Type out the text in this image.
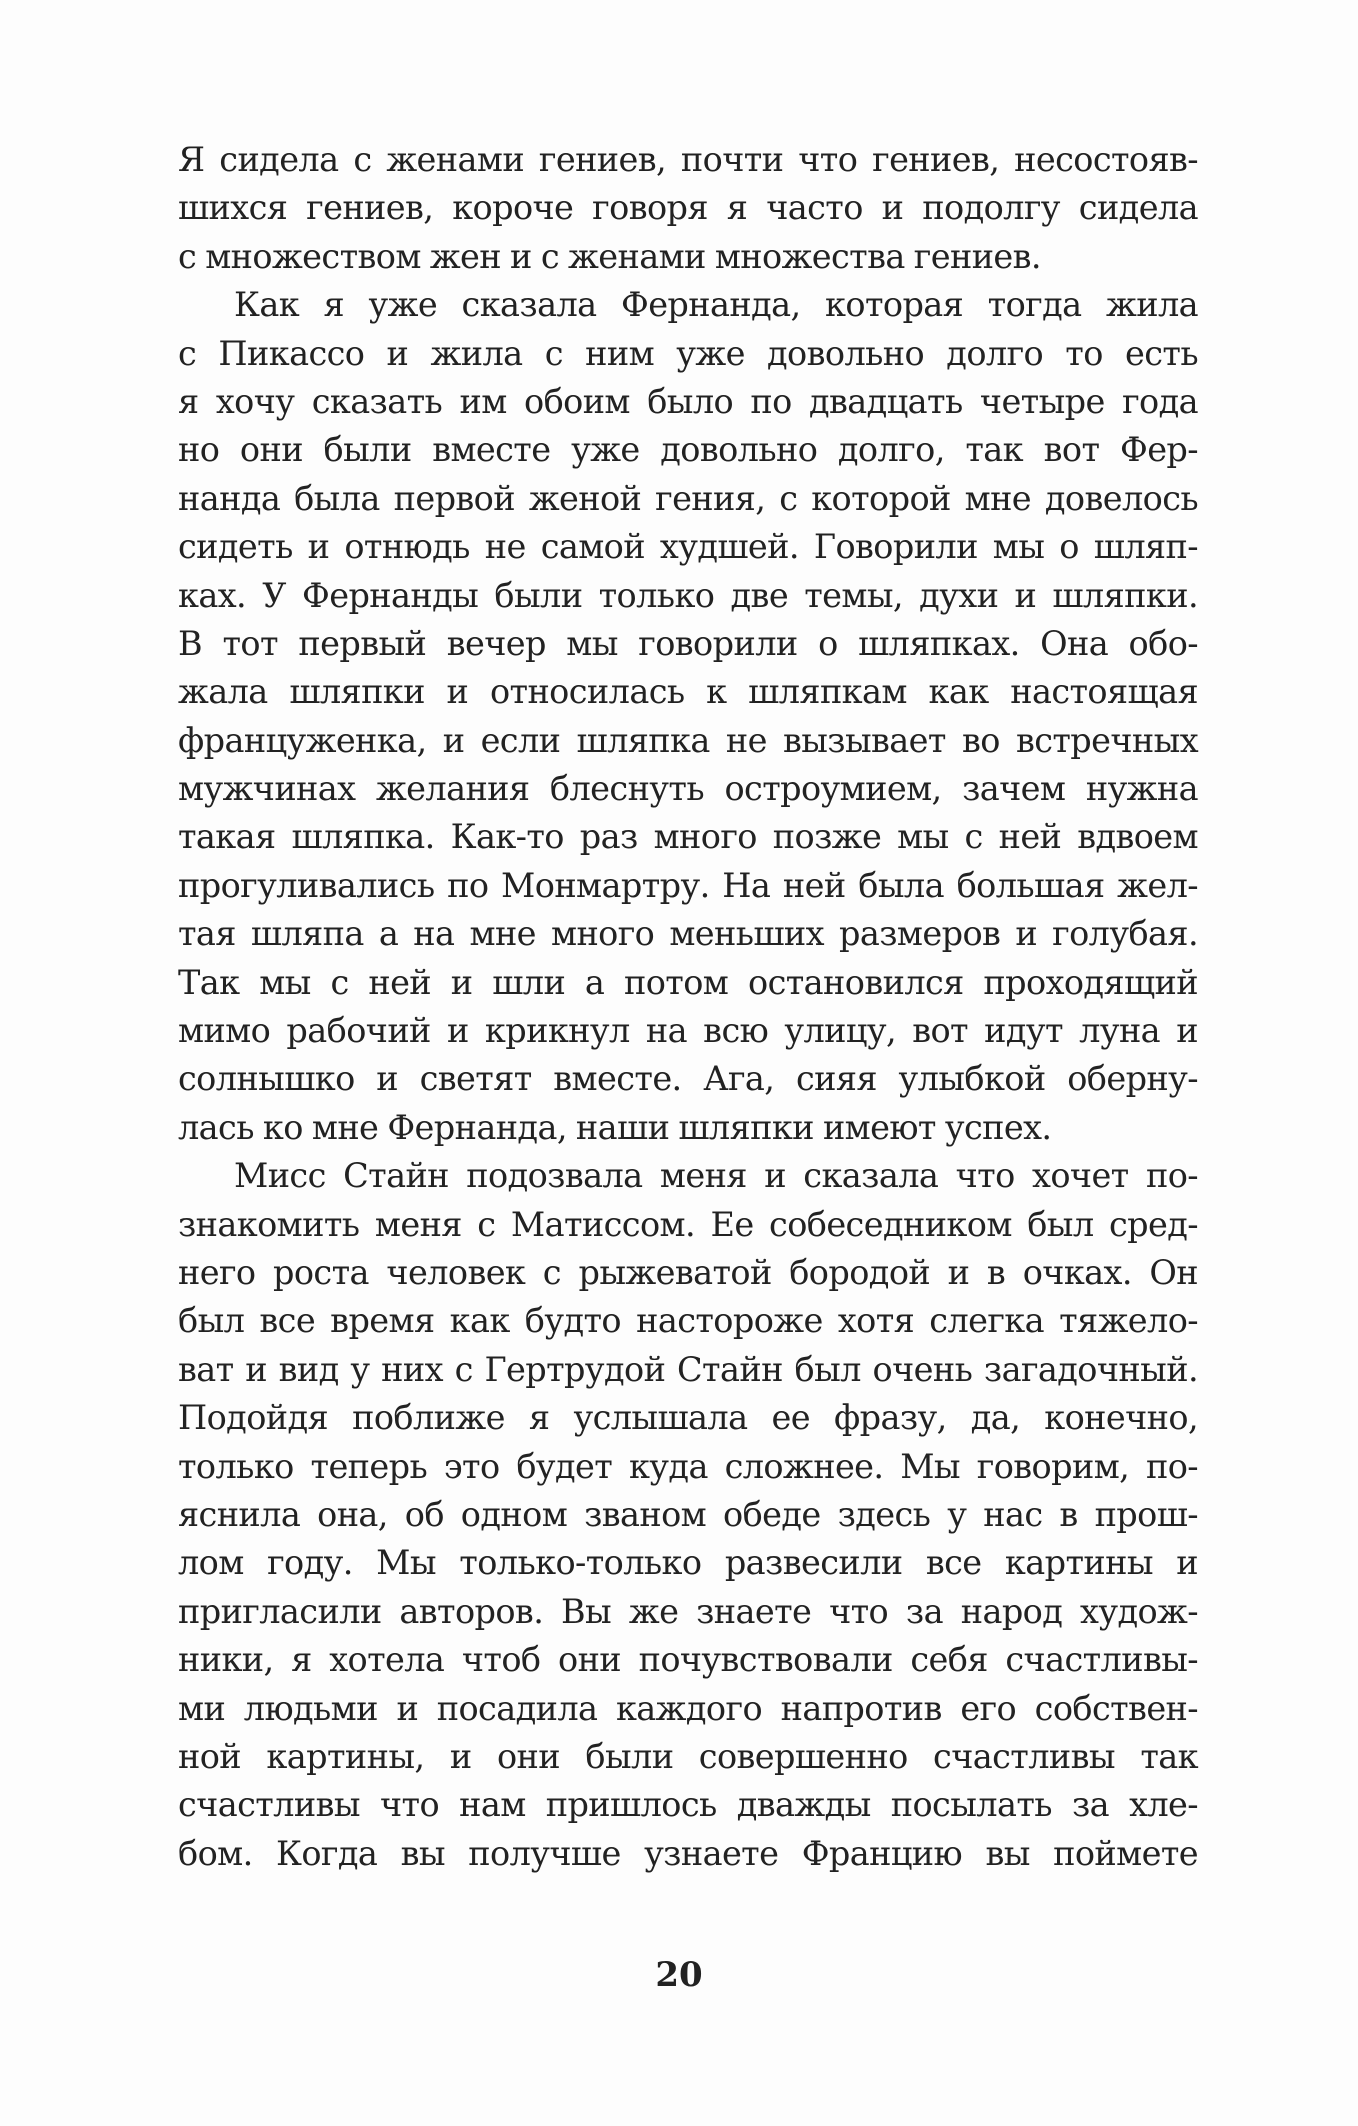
Я сидела с женами гениев, почти что гениев, несостояв-
шихся гениев, короче говоря я часто и подолгу сидела
с множеством жен и с женами множества гениев.
Как я уже сказала Фернанда, которая тогда жила
с Пикассо и жила с ним уже довольно долго то есть
я хочу сказать им обоим было по двадцать четыре года
но они были вместе уже довольно долго, так вот Фер-
нанда была первой женой гения, с которой мне довелось
сидеть и отнюдь не самой худшей. Говорили мы о шляп-
ках. У Фернанды были только две темы, духи и шляпки.
В тот первый вечер мы говорили о шляпках. Она обо-
жала шляпки и относилась к шляпкам как настоящая
француженка, и если шляпка не вызывает во встречных
мужчинах желания блеснуть остроумием, зачем нужна
такая шляпка. Как-то раз много позже мы с ней вдвоем
прогуливались по Монмартру. На ней была большая жел-
тая шляпа а на мне много меньших размеров и голубая.
Так мы с ней и шли а потом остановился проходящий
мимо рабочий и крикнул на всю улицу, вот идут луна и
солнышко и светят вместе. Ага, сияя улыбкой оберну-
лась ко мне Фернанда, наши шляпки имеют успех.
Мисс Стайн подозвала меня и сказала что хочет по-
знакомить меня с Матиссом. Ее собеседником был сред-
него роста человек с рыжеватой бородой и в очках. Он
был все время как будто настороже хотя слегка тяжело-
ват и вид у них с Гертрудой Стайн был очень загадочный.
Подойдя поближе я услышала ее фразу, да, конечно,
только теперь это будет куда сложнее. Мы говорим, по-
яснила она, об одном званом обеде здесь у нас в прош-
лом году. Мы только-только развесили все картины и
пригласили авторов. Вы же знаете что за народ худож-
ники, я хотела чтоб они почувствовали себя счастливы-
ми людьми и посадила каждого напротив его собствен-
ной картины, и они были совершенно счастливы так
счастливы что нам пришлось дважды посылать за хле-
бом. Когда вы получше узнаете Францию вы поймете
20
